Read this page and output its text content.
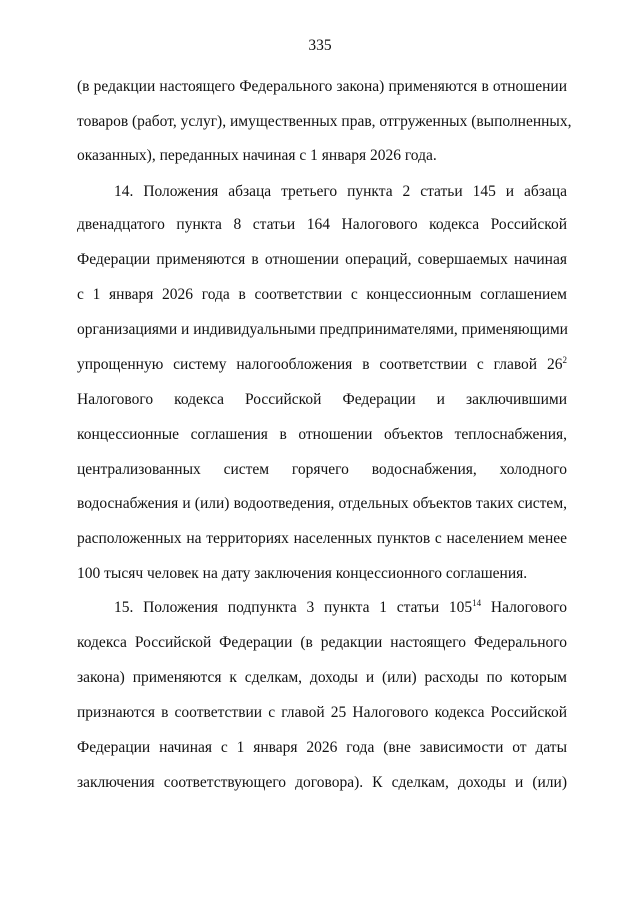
335
(в редакции настоящего Федерального закона) применяются в отношении
товаров (работ, услуг), имущественных прав, отгруженных (выполненных,
оказанных), переданных начиная с 1 января 2026 года.
14. Положения абзаца третьего пункта 2 статьи 145 и абзаца
двенадцатого пункта 8 статьи 164 Налогового кодекса Российской
Федерации применяются в отношении операций, совершаемых начиная
с 1 января 2026 года в соответствии с концессионным соглашением
организациями и индивидуальными предпринимателями, применяющими
упрощенную систему налогообложения в соответствии с главой $26^2$
Налогового кодекса Российской Федерации и заключившими
концессионные соглашения в отношении объектов теплоснабжения,
централизованных систем горячего водоснабжения, холодного
водоснабжения и (или) водоотведения, отдельных объектов таких систем,
расположенных на территориях населенных пунктов с населением менее
100 тысяч человек на дату заключения концессионного соглашения.
15. Положения подпункта 3 пункта 1 статьи $105^{14}$ Налогового
кодекса Российской Федерации (в редакции настоящего Федерального
закона) применяются к сделкам, доходы и (или) расходы по которым
признаются в соответствии с главой 25 Налогового кодекса Российской
Федерации начиная с 1 января 2026 года (вне зависимости от даты
заключения соответствующего договора). К сделкам, доходы и (или)
